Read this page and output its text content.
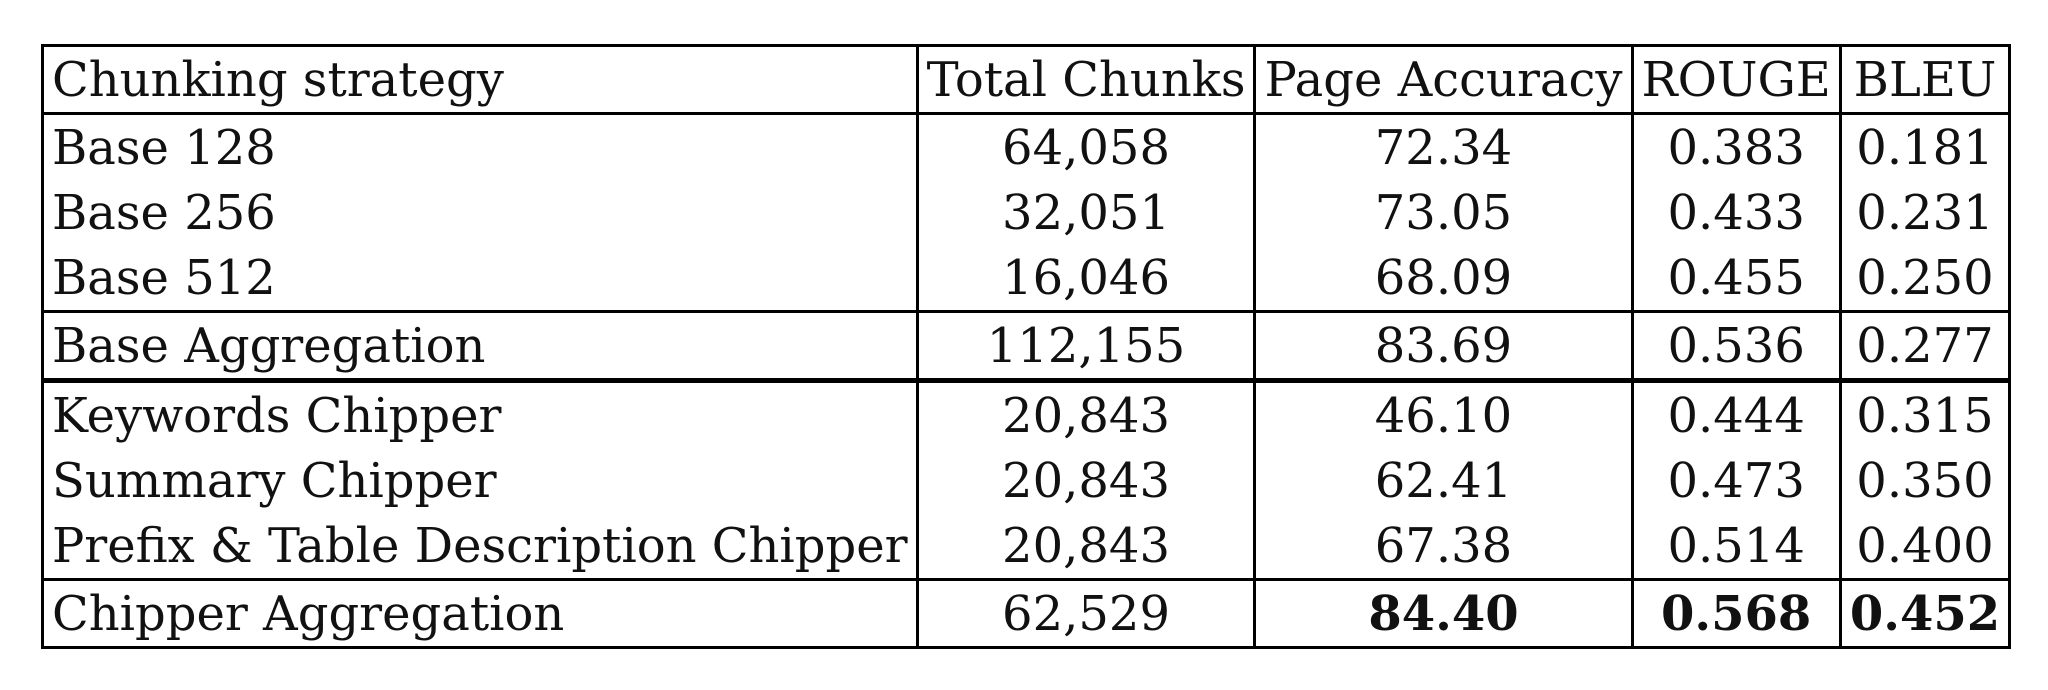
Chunking strategy	Total Chunks	Page Accuracy	ROUGE	BLEU
Base 128	64,058	72.34	0.383	0.181
Base 256	32,051	73.05	0.433	0.231
Base 512	16,046	68.09	0.455	0.250
Base Aggregation	112,155	83.69	0.536	0.277
Keywords Chipper	20,843	46.10	0.444	0.315
Summary Chipper	20,843	62.41	0.473	0.350
Prefix & Table Description Chipper	20,843	67.38	0.514	0.400
Chipper Aggregation	62,529	84.40	0.568	0.452
